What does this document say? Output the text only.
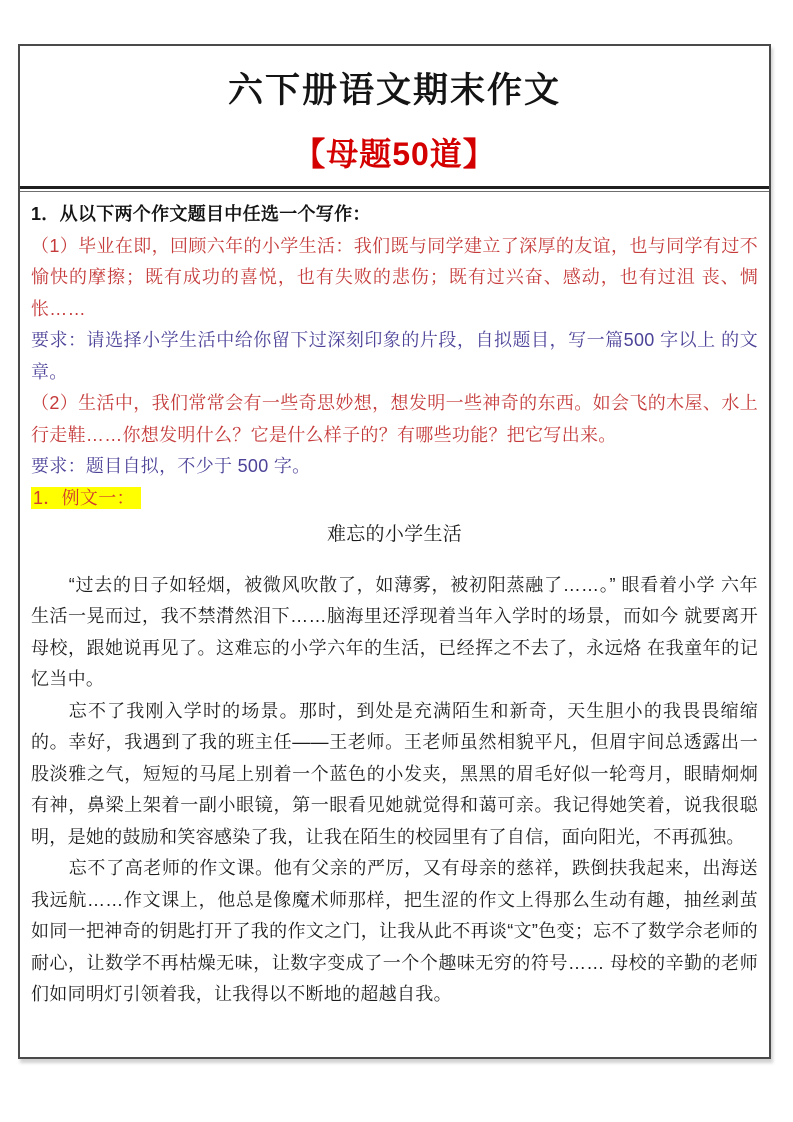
六下册语文期末作文
【母题50道】

1．从以下两个作文题目中任选一个写作：

（1）毕业在即，回顾六年的小学生活：我们既与同学建立了深厚的友谊，也与同学有过不愉快的摩擦；既有成功的喜悦，也有失败的悲伤；既有过兴奋、感动，也有过沮 丧、惆怅……

要求：请选择小学生活中给你留下过深刻印象的片段，自拟题目，写一篇500 字以上 的文章。

（2）生活中，我们常常会有一些奇思妙想，想发明一些神奇的东西。如会飞的木屋、水上行走鞋……你想发明什么？它是什么样子的？有哪些功能？把它写出来。

要求：题目自拟，不少于 500 字。

1．例文一：

难忘的小学生活

“过去的日子如轻烟，被微风吹散了，如薄雾，被初阳蒸融了……。” 眼看着小学 六年生活一晃而过，我不禁潸然泪下……脑海里还浮现着当年入学时的场景，而如今 就要离开母校，跟她说再见了。这难忘的小学六年的生活，已经挥之不去了，永远烙 在我童年的记忆当中。

忘不了我刚入学时的场景。那时，到处是充满陌生和新奇，天生胆小的我畏畏缩缩的。幸好，我遇到了我的班主任——王老师。王老师虽然相貌平凡，但眉宇间总透露出一股淡雅之气，短短的马尾上别着一个蓝色的小发夹，黑黑的眉毛好似一轮弯月，眼睛炯炯有神，鼻梁上架着一副小眼镜，第一眼看见她就觉得和蔼可亲。我记得她笑着，说我很聪明，是她的鼓励和笑容感染了我，让我在陌生的校园里有了自信，面向阳光，不再孤独。

忘不了高老师的作文课。他有父亲的严厉，又有母亲的慈祥，跌倒扶我起来，出海送我远航……作文课上，他总是像魔术师那样，把生涩的作文上得那么生动有趣，抽丝剥茧如同一把神奇的钥匙打开了我的作文之门，让我从此不再谈“文”色变；忘不了数学佘老师的耐心，让数学不再枯燥无味，让数字变成了一个个趣味无穷的符号…… 母校的辛勤的老师们如同明灯引领着我，让我得以不断地的超越自我。
